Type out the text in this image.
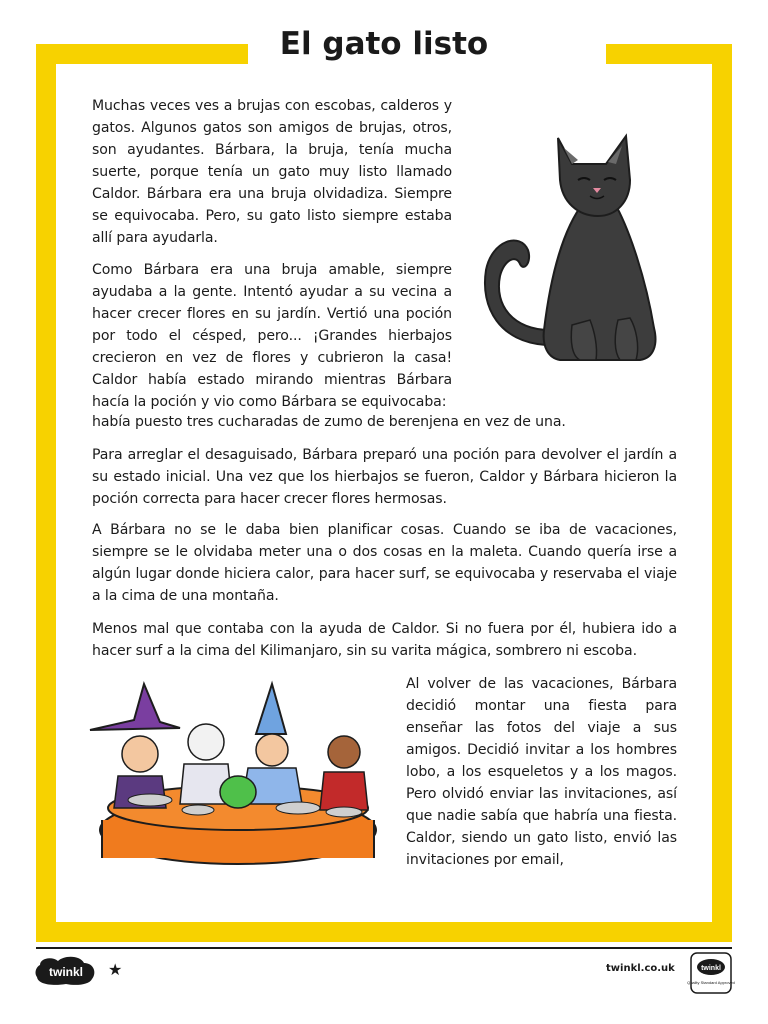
El gato listo

Muchas veces ves a brujas con escobas, calderos y gatos. Algunos gatos son amigos de brujas, otros, son ayudantes. Bárbara, la bruja, tenía mucha suerte, porque tenía un gato muy listo llamado Caldor. Bárbara era una bruja olvidadiza. Siempre se equivocaba. Pero, su gato listo siempre estaba allí para ayudarla.

Como Bárbara era una bruja amable, siempre ayudaba a la gente. Intentó ayudar a su vecina a hacer crecer flores en su jardín. Vertió una poción por todo el césped, pero... ¡Grandes hierbajos crecieron en vez de flores y cubrieron la casa! Caldor había estado mirando mientras Bárbara hacía la poción y vio como Bárbara se equivocaba:

había puesto tres cucharadas de zumo de berenjena en vez de una.

Para arreglar el desaguisado, Bárbara preparó una poción para devolver el jardín a su estado inicial. Una vez que los hierbajos se fueron, Caldor y Bárbara hicieron la poción correcta para hacer crecer flores hermosas.

A Bárbara no se le daba bien planificar cosas. Cuando se iba de vacaciones, siempre se le olvidaba meter una o dos cosas en la maleta. Cuando quería irse a algún lugar donde hiciera calor, para hacer surf, se equivocaba y reservaba el viaje a la cima de una montaña.

Menos mal que contaba con la ayuda de Caldor. Si no fuera por él, hubiera ido a hacer surf a la cima del Kilimanjaro, sin su varita mágica, sombrero ni escoba.

Al volver de las vacaciones, Bárbara decidió montar una fiesta para enseñar las fotos del viaje a sus amigos. Decidió invitar a los hombres lobo, a los esqueletos y a los magos. Pero olvidó enviar las invitaciones, así que nadie sabía que habría una fiesta. Caldor, siendo un gato listo, envió las invitaciones por email,

twinkl ★	twinkl.co.uk	twinkl
Quality Standard Approved
